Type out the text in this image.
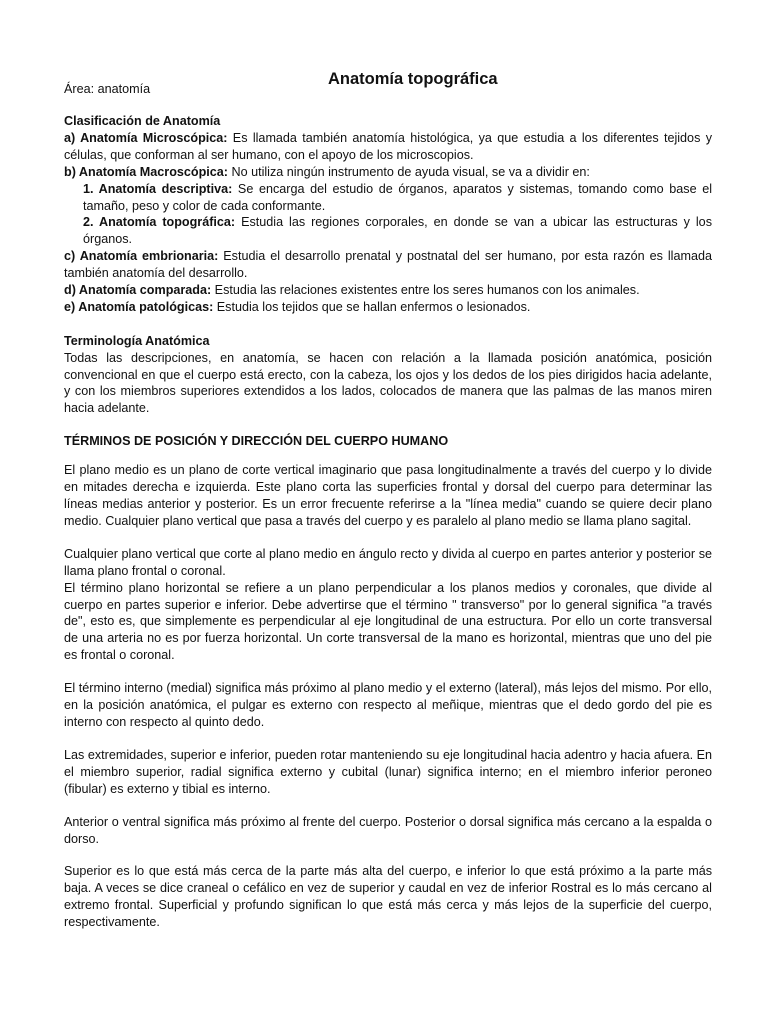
Área: anatomía
Anatomía topográfica

Clasificación de Anatomía

a) Anatomía Microscópica: Es llamada también anatomía histológica, ya que estudia a los diferentes tejidos y células, que conforman al ser humano, con el apoyo de los microscopios.

b) Anatomía Macroscópica: No utiliza ningún instrumento de ayuda visual, se va a dividir en:

1. Anatomía descriptiva: Se encarga del estudio de órganos, aparatos y sistemas, tomando como base el tamaño, peso y color de cada conformante.

2. Anatomía topográfica: Estudia las regiones corporales, en donde se van a ubicar las estructuras y los órganos.

c) Anatomía embrionaria: Estudia el desarrollo prenatal y postnatal del ser humano, por esta razón es llamada también anatomía del desarrollo.

d) Anatomía comparada: Estudia las relaciones existentes entre los seres humanos con los animales.

e) Anatomía patológicas: Estudia los tejidos que se hallan enfermos o lesionados.

Terminología Anatómica

Todas las descripciones, en anatomía, se hacen con relación a la llamada posición anatómica, posición convencional en que el cuerpo está erecto, con la cabeza, los ojos y los dedos de los pies dirigidos hacia adelante, y con los miembros superiores extendidos a los lados, colocados de manera que las palmas de las manos miren hacia adelante.

TÉRMINOS DE POSICIÓN Y DIRECCIÓN DEL CUERPO HUMANO

El plano medio es un plano de corte vertical imaginario que pasa longitudinalmente a través del cuerpo y lo divide en mitades derecha e izquierda. Este plano corta las superficies frontal y dorsal del cuerpo para determinar las líneas medias anterior y posterior. Es un error frecuente referirse a la "línea media" cuando se quiere decir plano medio. Cualquier plano vertical que pasa a través del cuerpo y es paralelo al plano medio se llama plano sagital.

Cualquier plano vertical que corte al plano medio en ángulo recto y divida al cuerpo en partes anterior y posterior se llama plano frontal o coronal.

El término plano horizontal se refiere a un plano perpendicular a los planos medios y coronales, que divide al cuerpo en partes superior e inferior. Debe advertirse que el término " transverso" por lo general significa "a través de", esto es, que simplemente es perpendicular al eje longitudinal de una estructura. Por ello un corte transversal de una arteria no es por fuerza horizontal. Un corte transversal de la mano es horizontal, mientras que uno del pie es frontal o coronal.

El término interno (medial) significa más próximo al plano medio y el externo (lateral), más lejos del mismo. Por ello, en la posición anatómica, el pulgar es externo con respecto al meñique, mientras que el dedo gordo del pie es interno con respecto al quinto dedo.

Las extremidades, superior e inferior, pueden rotar manteniendo su eje longitudinal hacia adentro y hacia afuera. En el miembro superior, radial significa externo y cubital (lunar) significa interno; en el miembro inferior peroneo (fibular) es externo y tibial es interno.

Anterior o ventral significa más próximo al frente del cuerpo. Posterior o dorsal significa más cercano a la espalda o dorso.

Superior es lo que está más cerca de la parte más alta del cuerpo, e inferior lo que está próximo a la parte más baja. A veces se dice craneal o cefálico en vez de superior y caudal en vez de inferior Rostral es lo más cercano al extremo frontal. Superficial y profundo significan lo que está más cerca y más lejos de la superficie del cuerpo, respectivamente.
